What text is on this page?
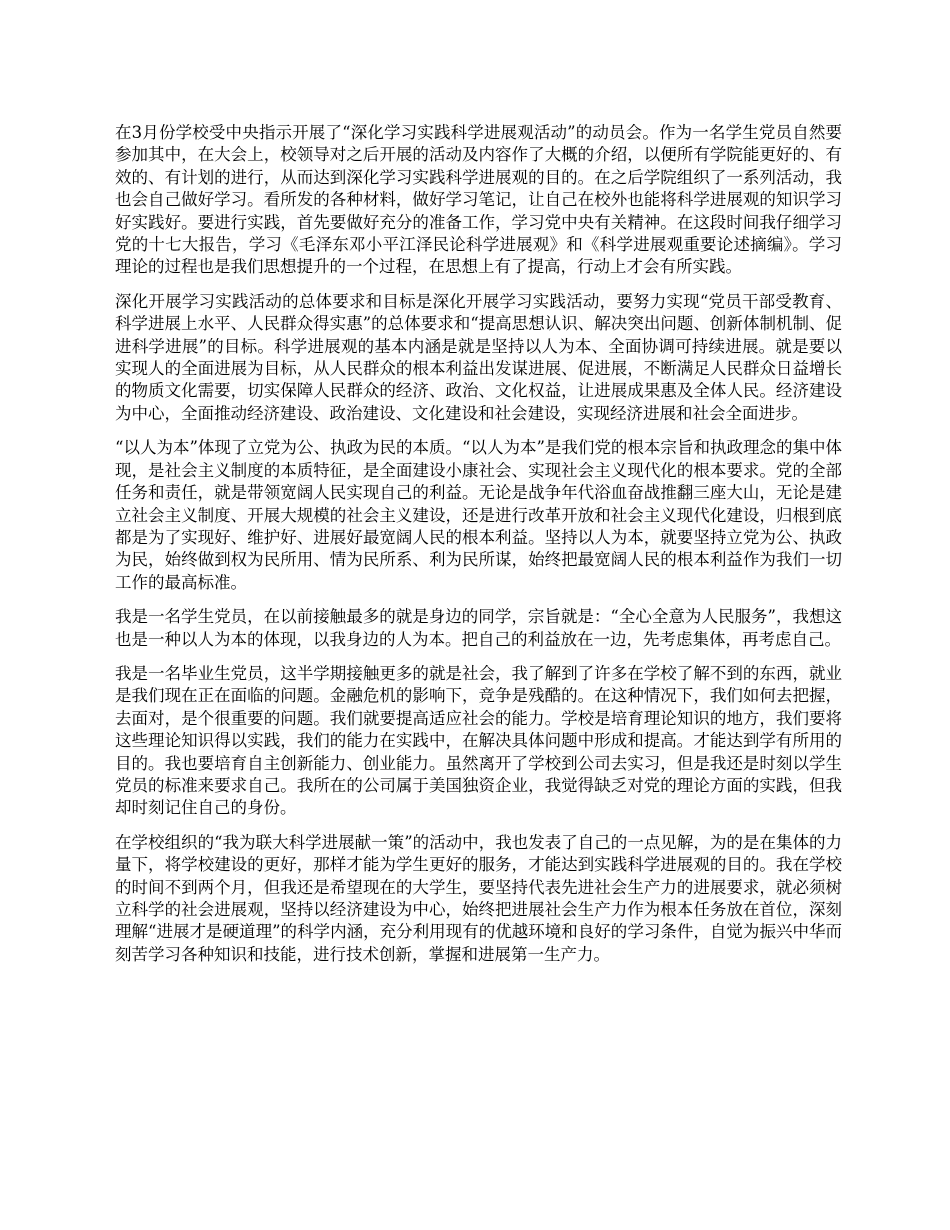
在3月份学校受中央指示开展了“深化学习实践科学进展观活动”的动员会。作为一名学生党员自然要参加其中，在大会上，校领导对之后开展的活动及内容作了大概的介绍，以便所有学院能更好的、有效的、有计划的进行，从而达到深化学习实践科学进展观的目的。在之后学院组织了一系列活动，我也会自己做好学习。看所发的各种材料，做好学习笔记，让自己在校外也能将科学进展观的知识学习好实践好。要进行实践，首先要做好充分的准备工作，学习党中央有关精神。在这段时间我仔细学习党的十七大报告，学习《毛泽东邓小平江泽民论科学进展观》和《科学进展观重要论述摘编》。学习理论的过程也是我们思想提升的一个过程，在思想上有了提高，行动上才会有所实践。

深化开展学习实践活动的总体要求和目标是深化开展学习实践活动，要努力实现“党员干部受教育、科学进展上水平、人民群众得实惠”的总体要求和“提高思想认识、解决突出问题、创新体制机制、促进科学进展”的目标。科学进展观的基本内涵是就是坚持以人为本、全面协调可持续进展。就是要以实现人的全面进展为目标，从人民群众的根本利益出发谋进展、促进展，不断满足人民群众日益增长的物质文化需要，切实保障人民群众的经济、政治、文化权益，让进展成果惠及全体人民。经济建设为中心，全面推动经济建设、政治建设、文化建设和社会建设，实现经济进展和社会全面进步。

“以人为本”体现了立党为公、执政为民的本质。“以人为本”是我们党的根本宗旨和执政理念的集中体现，是社会主义制度的本质特征，是全面建设小康社会、实现社会主义现代化的根本要求。党的全部任务和责任，就是带领宽阔人民实现自己的利益。无论是战争年代浴血奋战推翻三座大山，无论是建立社会主义制度、开展大规模的社会主义建设，还是进行改革开放和社会主义现代化建设，归根到底都是为了实现好、维护好、进展好最宽阔人民的根本利益。坚持以人为本，就要坚持立党为公、执政为民，始终做到权为民所用、情为民所系、利为民所谋，始终把最宽阔人民的根本利益作为我们一切工作的最高标准。

我是一名学生党员，在以前接触最多的就是身边的同学，宗旨就是：“全心全意为人民服务”，我想这也是一种以人为本的体现，以我身边的人为本。把自己的利益放在一边，先考虑集体，再考虑自己。

我是一名毕业生党员，这半学期接触更多的就是社会，我了解到了许多在学校了解不到的东西，就业是我们现在正在面临的问题。金融危机的影响下，竞争是残酷的。在这种情况下，我们如何去把握，去面对，是个很重要的问题。我们就要提高适应社会的能力。学校是培育理论知识的地方，我们要将这些理论知识得以实践，我们的能力在实践中，在解决具体问题中形成和提高。才能达到学有所用的目的。我也要培育自主创新能力、创业能力。虽然离开了学校到公司去实习，但是我还是时刻以学生党员的标准来要求自己。我所在的公司属于美国独资企业，我觉得缺乏对党的理论方面的实践，但我却时刻记住自己的身份。

在学校组织的“我为联大科学进展献一策”的活动中，我也发表了自己的一点见解，为的是在集体的力量下，将学校建设的更好，那样才能为学生更好的服务，才能达到实践科学进展观的目的。我在学校的时间不到两个月，但我还是希望现在的大学生，要坚持代表先进社会生产力的进展要求，就必须树立科学的社会进展观，坚持以经济建设为中心，始终把进展社会生产力作为根本任务放在首位，深刻理解“进展才是硬道理”的科学内涵，充分利用现有的优越环境和良好的学习条件，自觉为振兴中华而刻苦学习各种知识和技能，进行技术创新，掌握和进展第一生产力。
